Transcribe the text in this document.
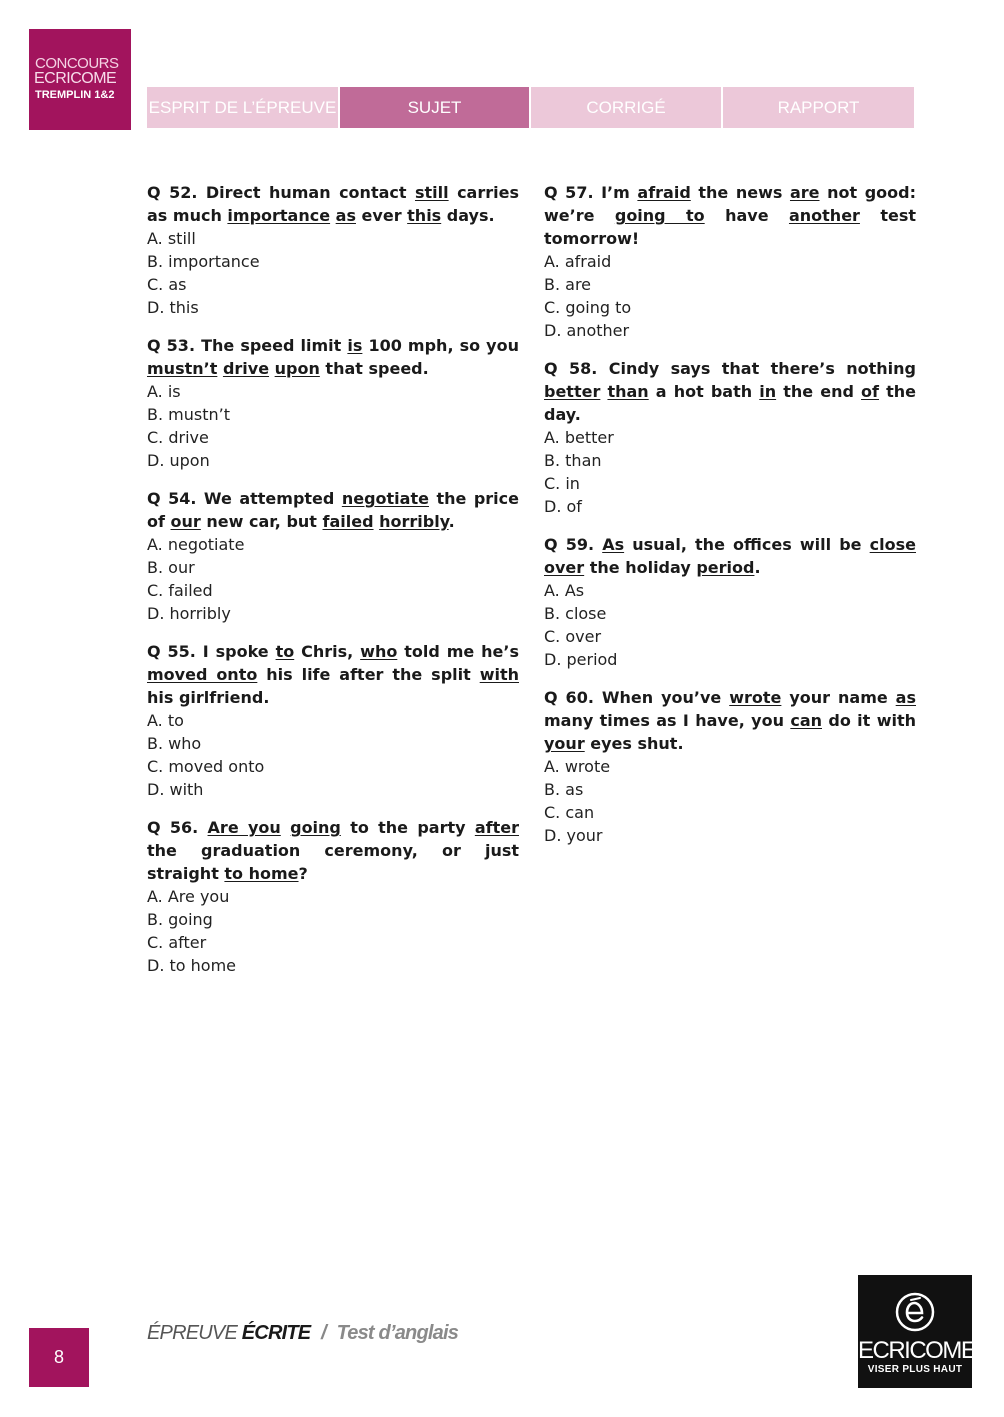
CONCOURS
ECRICOME
TREMPLIN 1&2
ESPRIT DE L’ÉPREUVE	SUJET	CORRIGÉ	RAPPORT

Q 52. Direct human contact still carries as much importance as ever this days.

A. still

B. importance

C. as

D. this

Q 53. The speed limit is 100 mph, so you mustn’t drive upon that speed.

A. is

B. mustn’t

C. drive

D. upon

Q 54. We attempted negotiate the price of our new car, but failed horribly.

A. negotiate

B. our

C. failed

D. horribly

Q 55. I spoke to Chris, who told me he’s moved onto his life after the split with his girlfriend.

A. to

B. who

C. moved onto

D. with

Q 56. Are you going to the party after the graduation ceremony, or just straight to home?

A. Are you

B. going

C. after

D. to home

Q 57. I’m afraid the news are not good: we’re going to have another test tomorrow!

A. afraid

B. are

C. going to

D. another

Q 58. Cindy says that there’s nothing better than a hot bath in the end of the day.

A. better

B. than

C. in

D. of

Q 59. As usual, the offices will be close over the holiday period.

A. As

B. close

C. over

D. period

Q 60. When you’ve wrote your name as many times as I have, you can do it with your eyes shut.

A. wrote

B. as

C. can

D. your

8
ÉPREUVE ÉCRITE / Test d’anglais
ECRICOME
VISER PLUS HAUT
